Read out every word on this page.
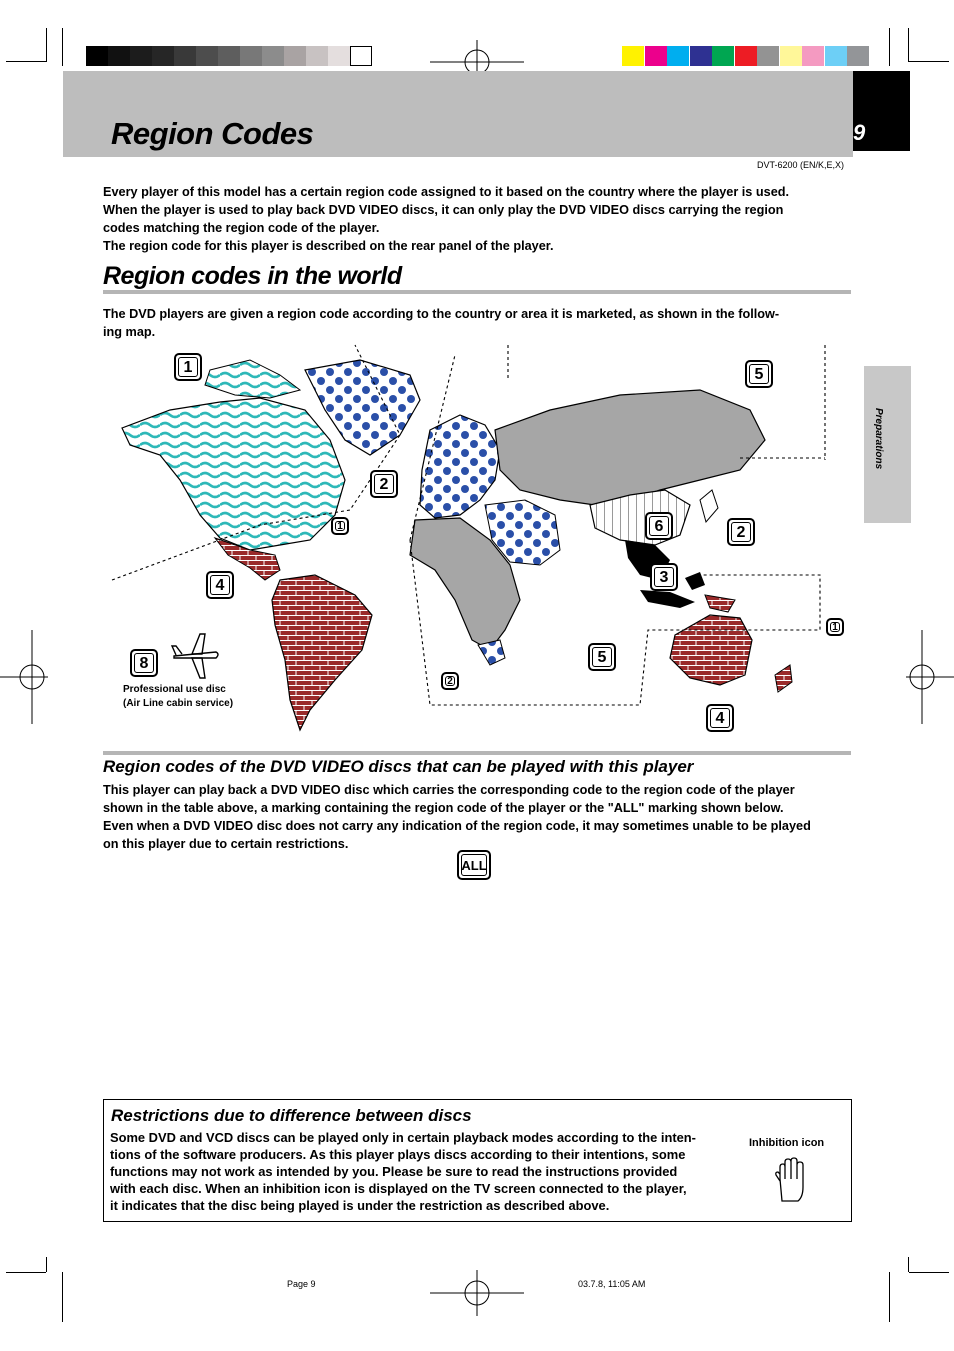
9
Region Codes
DVT-6200 (EN/K,E,X)
Every player of this model has a certain region code assigned to it based on the country where the player is used.
When the player is used to play back DVD VIDEO discs, it can only play the DVD VIDEO discs carrying the region
codes matching the region code of the player.
The region code for this player is described on the rear panel of the player.
Region codes in the world
The DVD players are given a region code according to the country or area it is marketed, as shown in the follow-
ing map.
Preparations
1
2
2
6
3
4
4
5
5
8
1
2
1
Professional use disc
(Air Line cabin service)
Region codes of the DVD VIDEO discs that can be played with this player
This player can play back a DVD VIDEO disc which carries the corresponding code to the region code of the player
shown in the table above, a marking containing the region code of the player or the "ALL" marking shown below.
Even when a DVD VIDEO disc does not carry any indication of the region code, it may sometimes unable to be played
on this player due to certain restrictions.
ALL
Restrictions due to difference between discs
Some DVD and VCD discs can be played only in certain playback modes according to the inten-
tions of the software producers. As this player plays discs according to their intentions, some
functions may not work as intended by you. Please be sure to read the instructions provided
with each disc. When an inhibition icon is displayed on the TV screen connected to the player,
it indicates that the disc being played is under the restriction as described above.
Inhibition icon
Page 9	03.7.8, 11:05 AM
